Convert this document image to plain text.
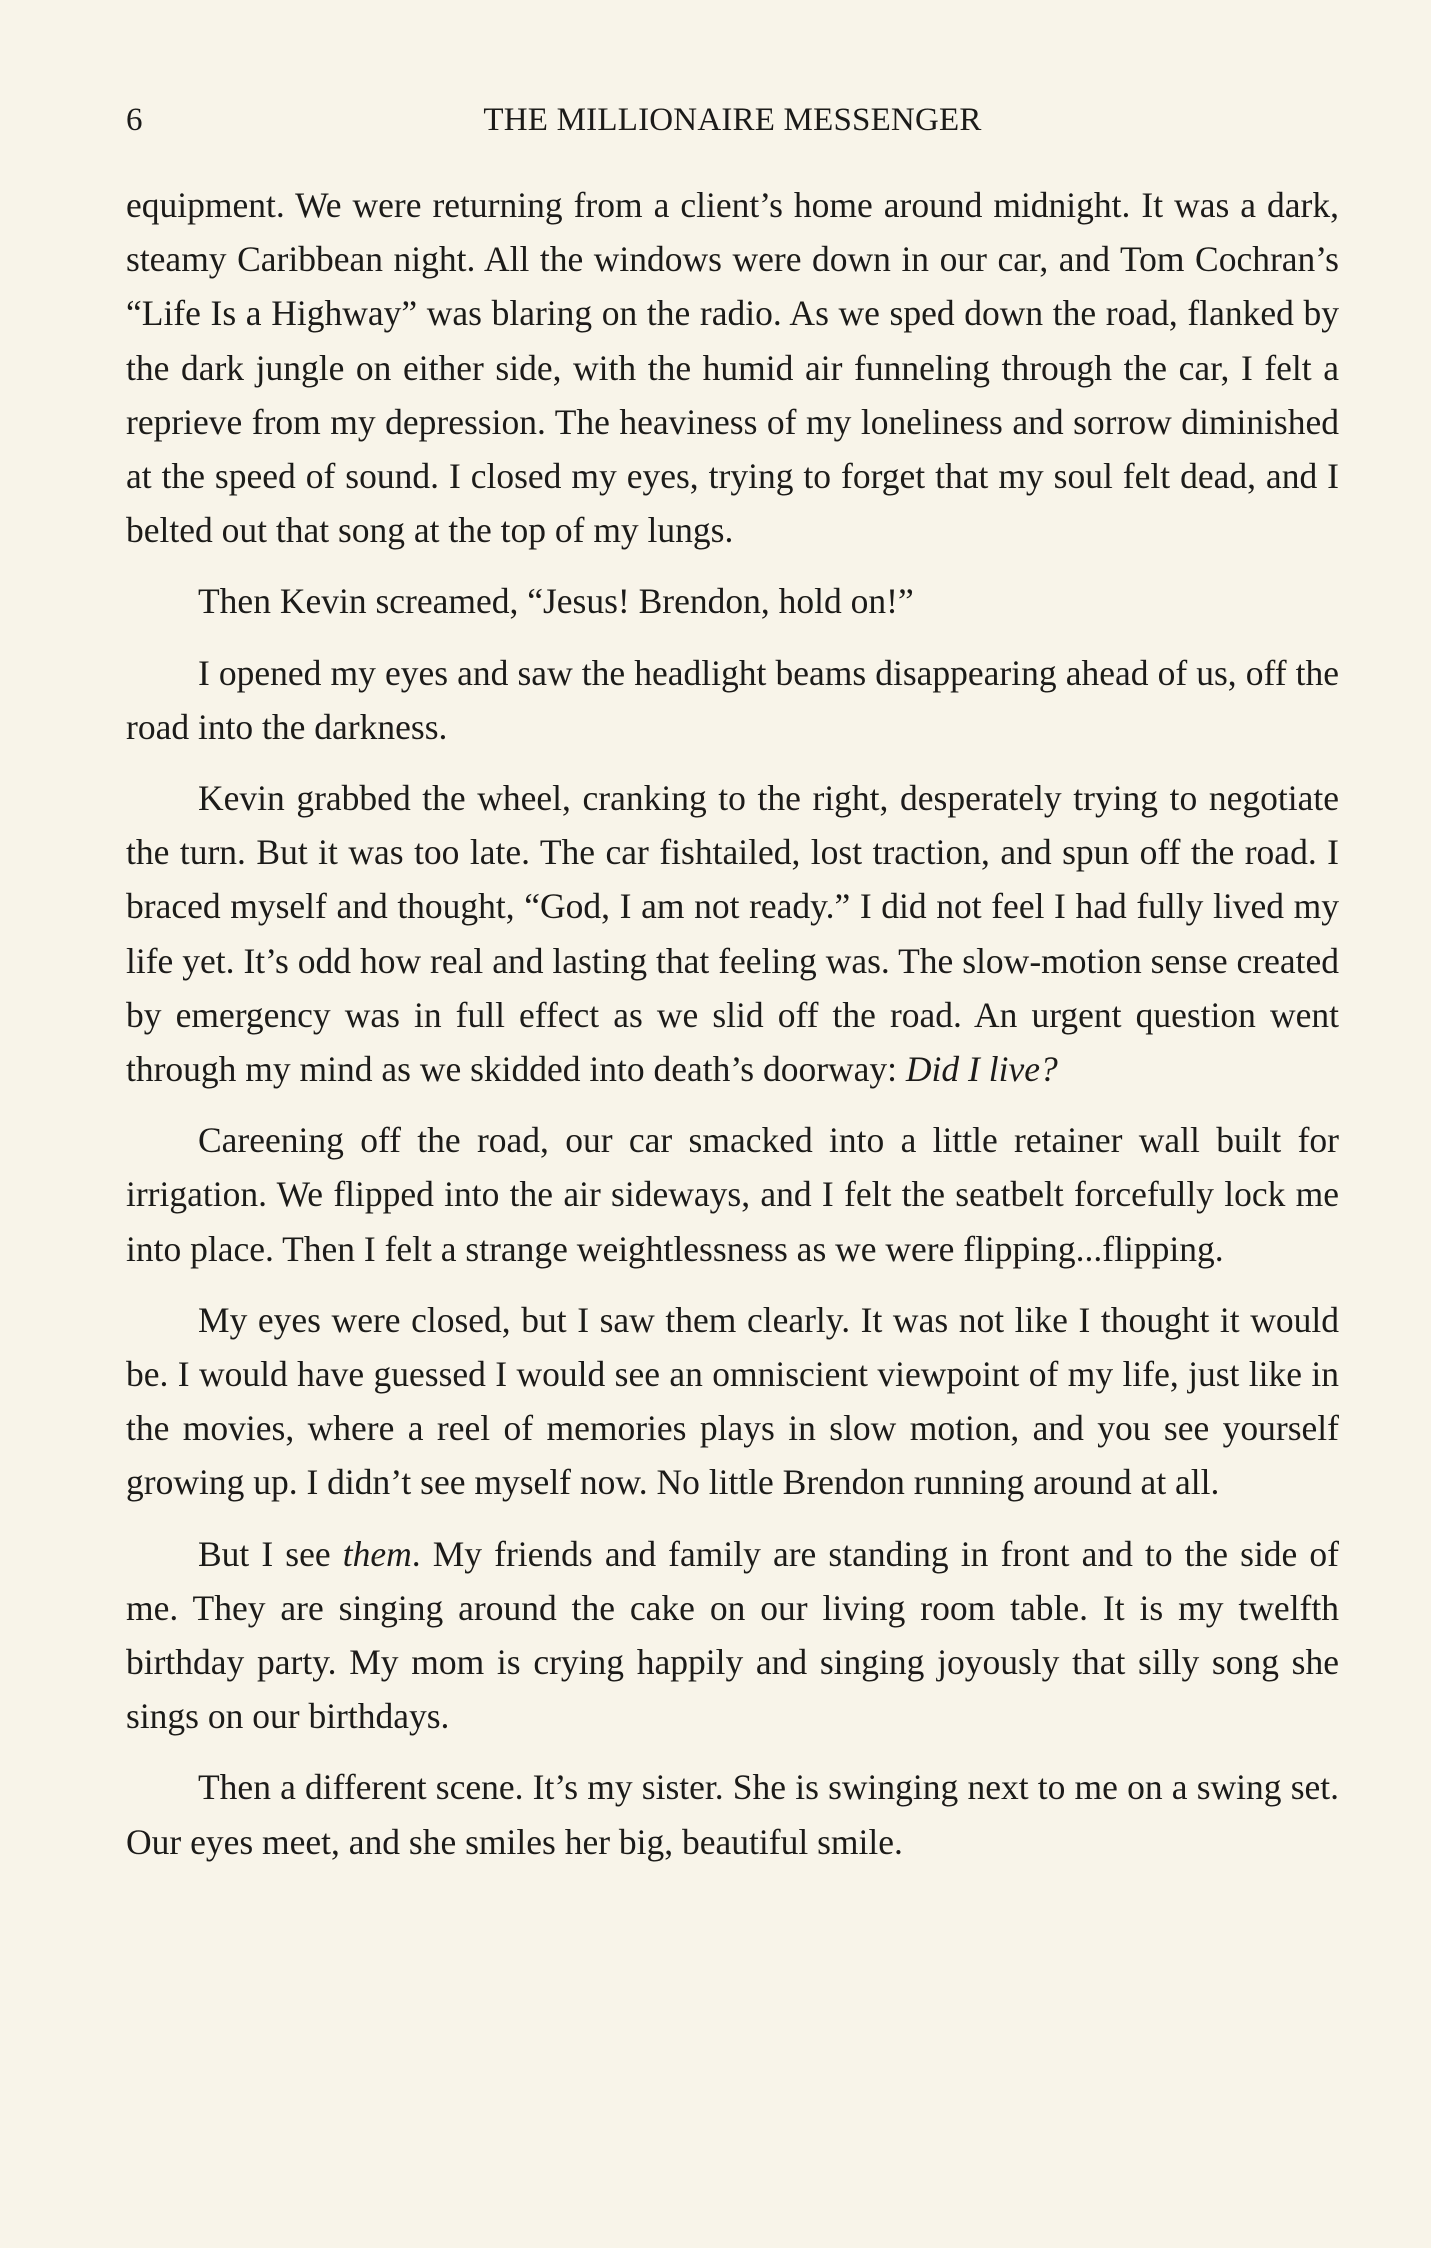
6	THE MILLIONAIRE MESSENGER

equipment. We were returning from a client’s home around midnight. It was a dark, steamy Caribbean night. All the windows were down in our car, and Tom Cochran’s “Life Is a Highway” was blaring on the radio. As we sped down the road, flanked by the dark jungle on either side, with the humid air funneling through the car, I felt a reprieve from my depression. The heaviness of my loneliness and sorrow diminished at the speed of sound. I closed my eyes, trying to forget that my soul felt dead, and I belted out that song at the top of my lungs.

Then Kevin screamed, “Jesus! Brendon, hold on!”

I opened my eyes and saw the headlight beams disappearing ahead of us, off the road into the darkness.

Kevin grabbed the wheel, cranking to the right, desperately trying to negotiate the turn. But it was too late. The car fishtailed, lost traction, and spun off the road. I braced myself and thought, “God, I am not ready.” I did not feel I had fully lived my life yet. It’s odd how real and lasting that feeling was. The slow-motion sense created by emergency was in full effect as we slid off the road. An urgent question went through my mind as we skidded into death’s doorway: Did I live?

Careening off the road, our car smacked into a little retainer wall built for irrigation. We flipped into the air sideways, and I felt the seatbelt forcefully lock me into place. Then I felt a strange weightlessness as we were flipping...flipping.

My eyes were closed, but I saw them clearly. It was not like I thought it would be. I would have guessed I would see an omniscient viewpoint of my life, just like in the movies, where a reel of memories plays in slow motion, and you see yourself growing up. I didn’t see myself now. No little Brendon running around at all.

But I see them. My friends and family are standing in front and to the side of me. They are singing around the cake on our living room table. It is my twelfth birthday party. My mom is crying happily and singing joyously that silly song she sings on our birthdays.

Then a different scene. It’s my sister. She is swinging next to me on a swing set. Our eyes meet, and she smiles her big, beautiful smile.
